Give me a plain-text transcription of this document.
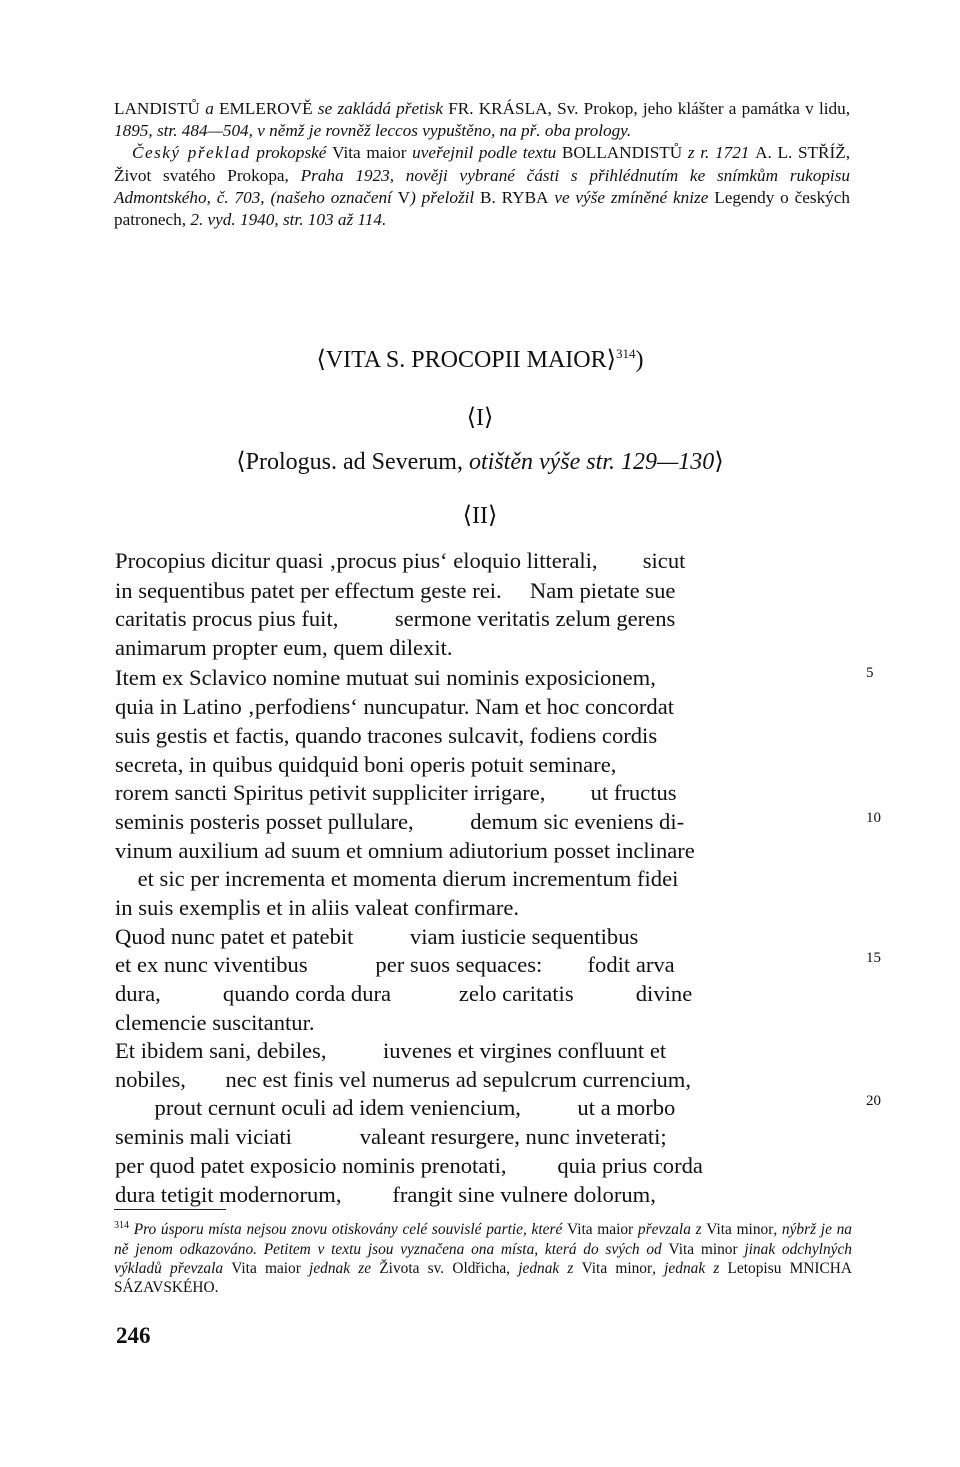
LANDISTŮ a EMLEROVĚ se zakládá přetisk FR. KRÁSLA, Sv. Prokop, jeho klášter a památka v lidu, 1895, str. 484—504, v němž je rovněž leccos vypuštěno, na př. oba prology.

Český překlad prokopské Vita maior uveřejnil podle textu BOLLANDISTŮ z r. 1721 A. L. STŘÍŽ, Život svatého Prokopa, Praha 1923, nověji vybrané části s přihlédnutím ke snímkům rukopisu Admontského, č. 703, (našeho označení V) přeložil B. RYBA ve výše zmíněné knize Legendy o českých patronech, 2. vyd. 1940, str. 103 až 114.

⟨VITA S. PROCOPII MAIOR⟩$^{314}$)
⟨I⟩
⟨Prologus. ad Severum, otištěn výše str. 129—130⟩
⟨II⟩
Procopius dicitur quasi ‚procus pius‘ eloquio litterali,        sicut
in sequentibus patet per effectum geste rei.     Nam pietate sue
caritatis procus pius fuit,          sermone veritatis zelum gerens
animarum propter eum, quem dilexit.
Item ex Sclavico nomine mutuat sui nominis exposicionem,
quia in Latino ‚perfodiens‘ nuncupatur. Nam et hoc concordat
suis gestis et factis, quando tracones sulcavit, fodiens cordis
secreta, in quibus quidquid boni operis potuit seminare,
rorem sancti Spiritus petivit suppliciter irrigare,        ut fructus
seminis posteris posset pullulare,          demum sic eveniens di-
vinum auxilium ad suum et omnium adiutorium posset inclinare
et sic per incrementa et momenta dierum incrementum fidei
in suis exemplis et in aliis valeat confirmare.
Quod nunc patet et patebit          viam iusticie sequentibus
et ex nunc viventibus            per suos sequaces:        fodit arva
dura,           quando corda dura            zelo caritatis           divine
clemencie suscitantur.
Et ibidem sani, debiles,          iuvenes et virgines confluunt et
nobiles,       nec est finis vel numerus ad sepulcrum currencium,
prout cernunt oculi ad idem veniencium,          ut a morbo
seminis mali viciati            valeant resurgere, nunc inveterati;
per quod patet exposicio nominis prenotati,         quia prius corda
dura tetigit modernorum,         frangit sine vulnere dolorum,
5
10
15
20
$^{314}$ Pro úsporu místa nejsou znovu otiskovány celé souvislé partie, které Vita maior převzala z Vita minor, nýbrž je na ně jenom odkazováno. Petitem v textu jsou vyznačena ona místa, která do svých od Vita minor jinak odchylných výkladů převzala Vita maior jednak ze Života sv. Oldřicha, jednak z Vita minor, jednak z Letopisu MNICHA SÁZAVSKÉHO.
246
